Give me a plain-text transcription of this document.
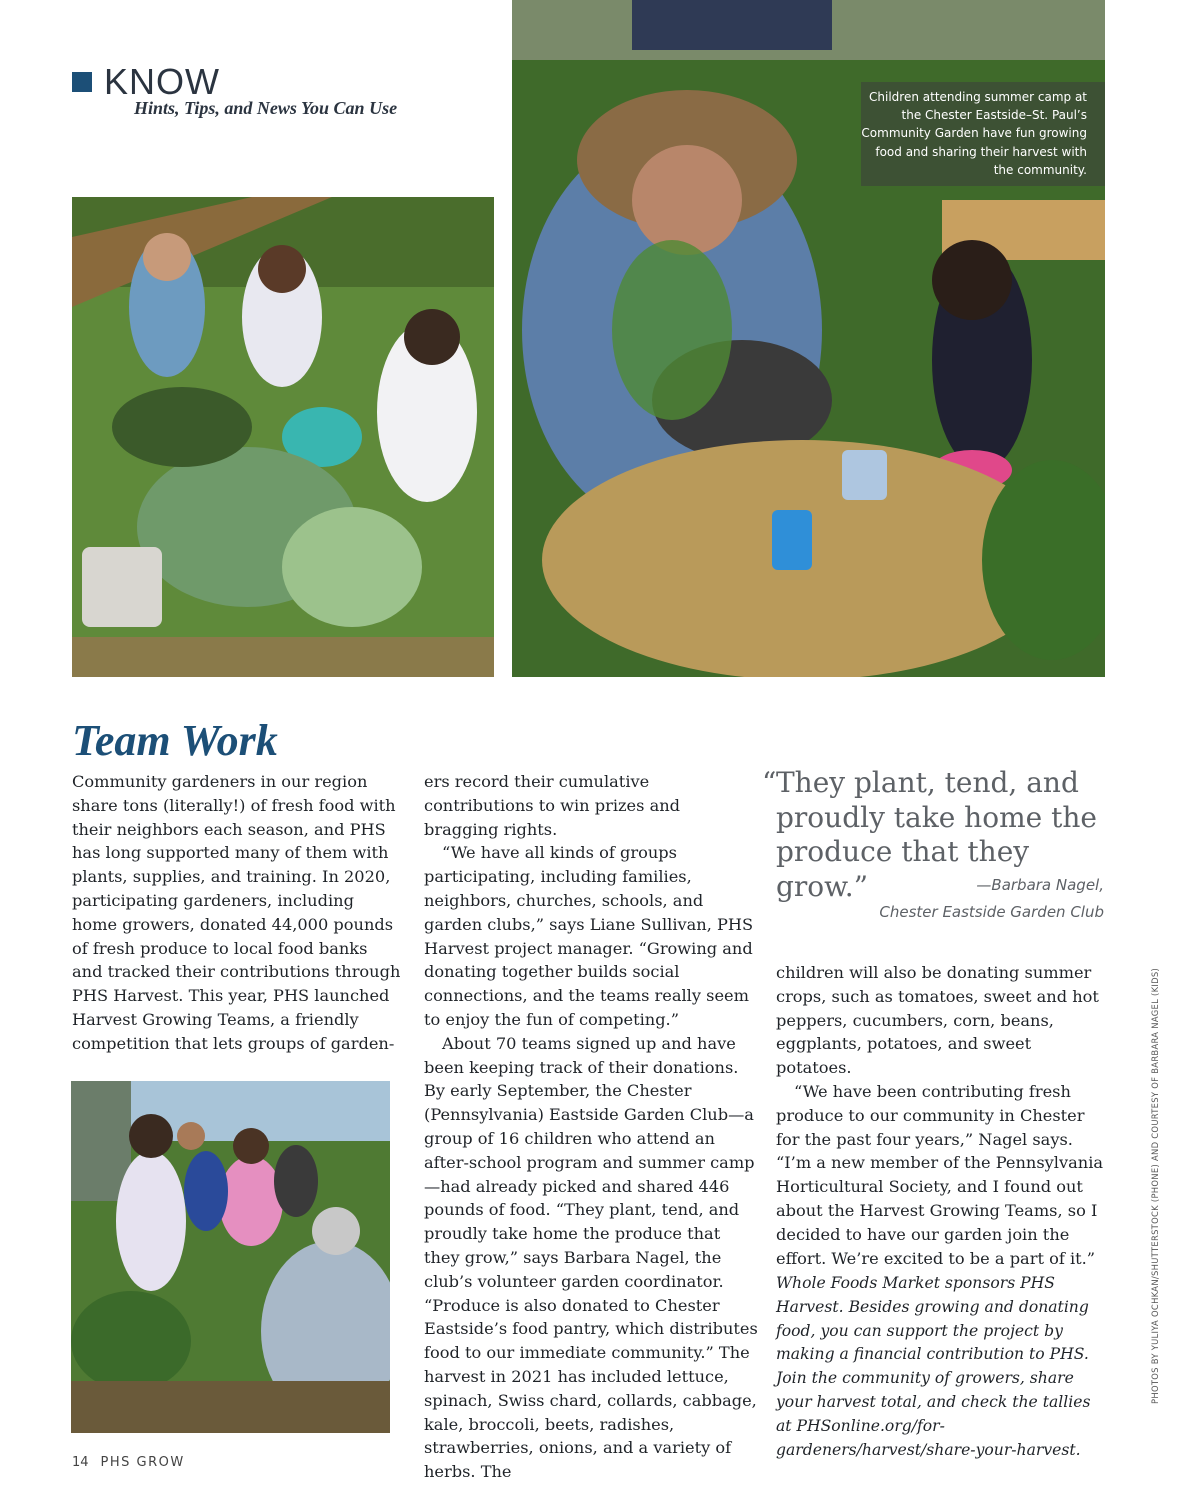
KNOW
Hints, Tips, and News You Can Use
Children attending summer camp at the Chester Eastside–St. Paul’s Community Garden have fun growing food and sharing their harvest with the community.
Team Work

Community gardeners in our region share tons (literally!) of fresh food with their neighbors each season, and PHS has long supported many of them with plants, supplies, and training. In 2020, participating gardeners, including home growers, donated 44,000 pounds of fresh produce to local food banks and tracked their contributions through PHS Harvest. This year, PHS launched Harvest Growing Teams, a friendly competition that lets groups of garden-

ers record their cumulative contributions to win prizes and bragging rights.

“We have all kinds of groups participating, including families, neighbors, churches, schools, and garden clubs,” says Liane Sullivan, PHS Harvest project manager. “Growing and donating together builds social connections, and the teams really seem to enjoy the fun of competing.”

About 70 teams signed up and have been keeping track of their donations. By early September, the Chester (Pennsylvania) Eastside Garden Club—a group of 16 children who attend an after-school program and summer camp—had already picked and shared 446 pounds of food. “They plant, tend, and proudly take home the produce that they grow,” says Barbara Nagel, the club’s volunteer garden coordinator. “Produce is also donated to Chester Eastside’s food pantry, which distributes food to our immediate community.” The harvest in 2021 has included lettuce, spinach, Swiss chard, collards, cabbage, kale, broccoli, beets, radishes, strawberries, onions, and a variety of herbs. The

“ They plant, tend, and proudly take home the produce that they grow.”	—Barbara Nagel,
Chester Eastside Garden Club

children will also be donating summer crops, such as tomatoes, sweet and hot peppers, cucumbers, corn, beans, eggplants, potatoes, and sweet potatoes.

“We have been contributing fresh produce to our community in Chester for the past four years,” Nagel says. “I’m a new member of the Pennsylvania Horticultural Society, and I found out about the Harvest Growing Teams, so I decided to have our garden join the effort. We’re excited to be a part of it.”

Whole Foods Market sponsors PHS Harvest. Besides growing and donating food, you can support the project by making a financial contribution to PHS. Join the community of growers, share your harvest total, and check the tallies at PHSonline.org/for-gardeners/harvest/share-your-harvest.
PHOTOS BY YULIYA OCHKAN/SHUTTERSTOCK (PHONE) AND COURTESY OF BARBARA NAGEL (KIDS)
14 PHS GROW
